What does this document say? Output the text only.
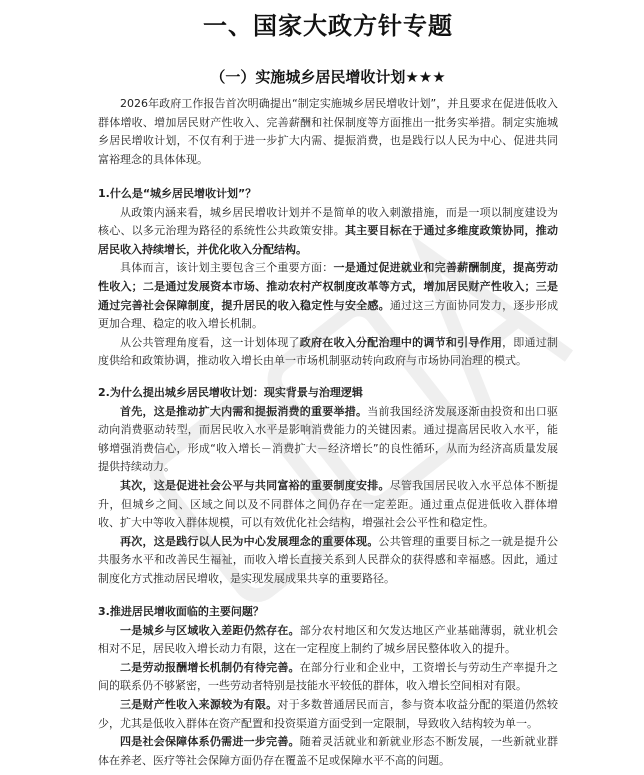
一、国家大政方针专题
（一）实施城乡居民增收计划★★★

2026年政府工作报告首次明确提出“制定实施城乡居民增收计划”，并且要求在促进低收入群体增收、增加居民财产性收入、完善薪酬和社保制度等方面推出一批务实举措。制定实施城乡居民增收计划，不仅有利于进一步扩大内需、提振消费，也是践行以人民为中心、促进共同富裕理念的具体体现。

1.什么是“城乡居民增收计划”？

从政策内涵来看，城乡居民增收计划并不是简单的收入刺激措施，而是一项以制度建设为核心、以多元治理为路径的系统性公共政策安排。其主要目标在于通过多维度政策协同，推动居民收入持续增长，并优化收入分配结构。

具体而言，该计划主要包含三个重要方面：一是通过促进就业和完善薪酬制度，提高劳动性收入；二是通过发展资本市场、推动农村产权制度改革等方式，增加居民财产性收入；三是通过完善社会保障制度，提升居民的收入稳定性与安全感。通过这三方面协同发力，逐步形成更加合理、稳定的收入增长机制。

从公共管理角度看，这一计划体现了政府在收入分配治理中的调节和引导作用，即通过制度供给和政策协调，推动收入增长由单一市场机制驱动转向政府与市场协同治理的模式。

2.为什么提出城乡居民增收计划：现实背景与治理逻辑

首先，这是推动扩大内需和提振消费的重要举措。当前我国经济发展逐渐由投资和出口驱动向消费驱动转型，而居民收入水平是影响消费能力的关键因素。通过提高居民收入水平，能够增强消费信心，形成“收入增长－消费扩大－经济增长”的良性循环，从而为经济高质量发展提供持续动力。

其次，这是促进社会公平与共同富裕的重要制度安排。尽管我国居民收入水平总体不断提升，但城乡之间、区域之间以及不同群体之间仍存在一定差距。通过重点促进低收入群体增收、扩大中等收入群体规模，可以有效优化社会结构，增强社会公平性和稳定性。

再次，这是践行以人民为中心发展理念的重要体现。公共管理的重要目标之一就是提升公共服务水平和改善民生福祉，而收入增长直接关系到人民群众的获得感和幸福感。因此，通过制度化方式推动居民增收，是实现发展成果共享的重要路径。

3.推进居民增收面临的主要问题？

一是城乡与区域收入差距仍然存在。部分农村地区和欠发达地区产业基础薄弱，就业机会相对不足，居民收入增长动力有限，这在一定程度上制约了城乡居民整体收入的提升。

二是劳动报酬增长机制仍有待完善。在部分行业和企业中，工资增长与劳动生产率提升之间的联系仍不够紧密，一些劳动者特别是技能水平较低的群体，收入增长空间相对有限。

三是财产性收入来源较为有限。对于多数普通居民而言，参与资本收益分配的渠道仍然较少，尤其是低收入群体在资产配置和投资渠道方面受到一定限制，导致收入结构较为单一。

四是社会保障体系仍需进一步完善。随着灵活就业和新就业形态不断发展，一些新就业群体在养老、医疗等社会保障方面仍存在覆盖不足或保障水平不高的问题。
